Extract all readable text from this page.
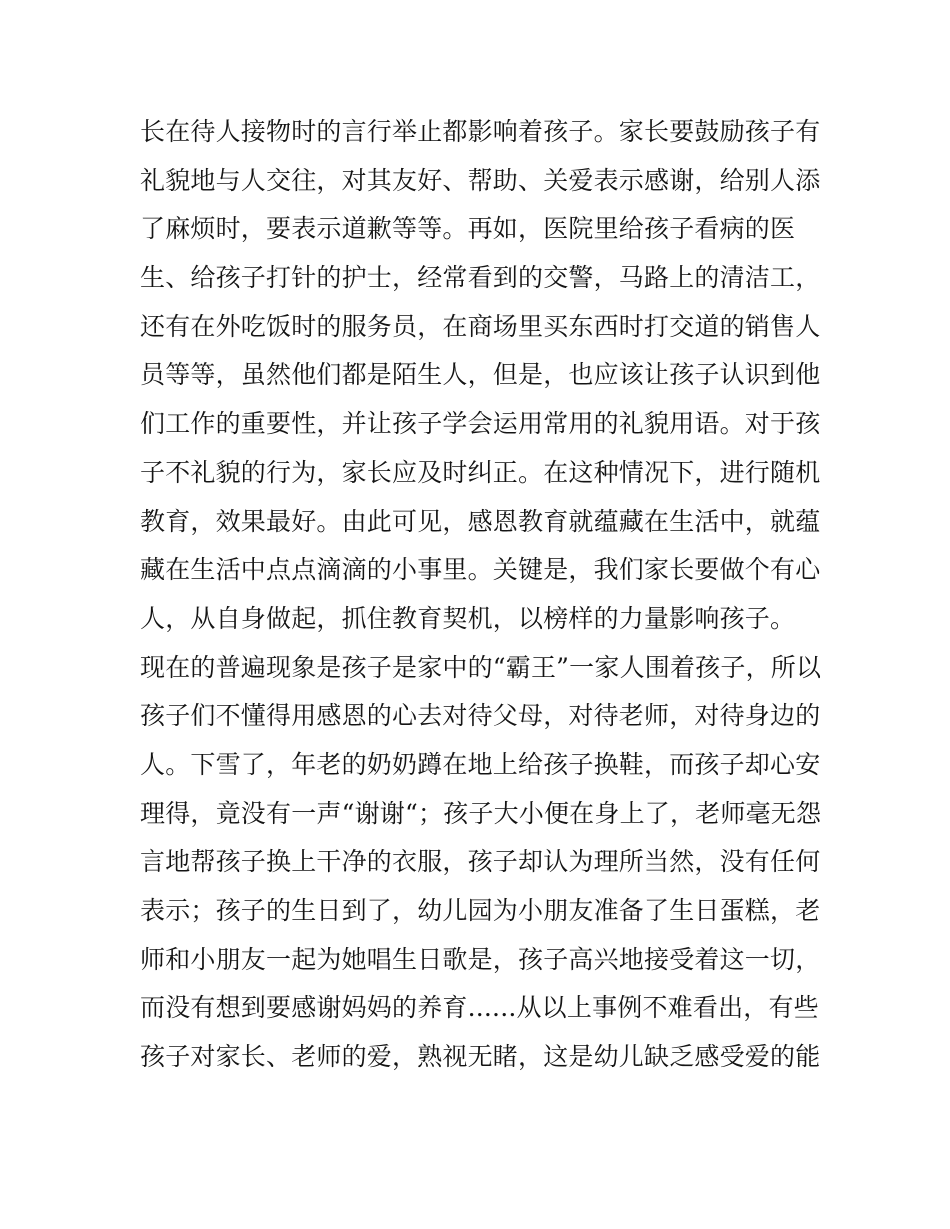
长在待人接物时的言行举止都影响着孩子。家长要鼓励孩子有
礼貌地与人交往，对其友好、帮助、关爱表示感谢，给别人添
了麻烦时，要表示道歉等等。再如，医院里给孩子看病的医
生、给孩子打针的护士，经常看到的交警，马路上的清洁工，
还有在外吃饭时的服务员，在商场里买东西时打交道的销售人
员等等，虽然他们都是陌生人，但是，也应该让孩子认识到他
们工作的重要性，并让孩子学会运用常用的礼貌用语。对于孩
子不礼貌的行为，家长应及时纠正。在这种情况下，进行随机
教育，效果最好。由此可见，感恩教育就蕴藏在生活中，就蕴
藏在生活中点点滴滴的小事里。关键是，我们家长要做个有心
人，从自身做起，抓住教育契机，以榜样的力量影响孩子。
现在的普遍现象是孩子是家中的“霸王”一家人围着孩子，所以
孩子们不懂得用感恩的心去对待父母，对待老师，对待身边的
人。下雪了，年老的奶奶蹲在地上给孩子换鞋，而孩子却心安
理得，竟没有一声“谢谢“；孩子大小便在身上了，老师毫无怨
言地帮孩子换上干净的衣服，孩子却认为理所当然，没有任何
表示；孩子的生日到了，幼儿园为小朋友准备了生日蛋糕，老
师和小朋友一起为她唱生日歌是，孩子高兴地接受着这一切，
而没有想到要感谢妈妈的养育......从以上事例不难看出，有些
孩子对家长、老师的爱，熟视无睹，这是幼儿缺乏感受爱的能
